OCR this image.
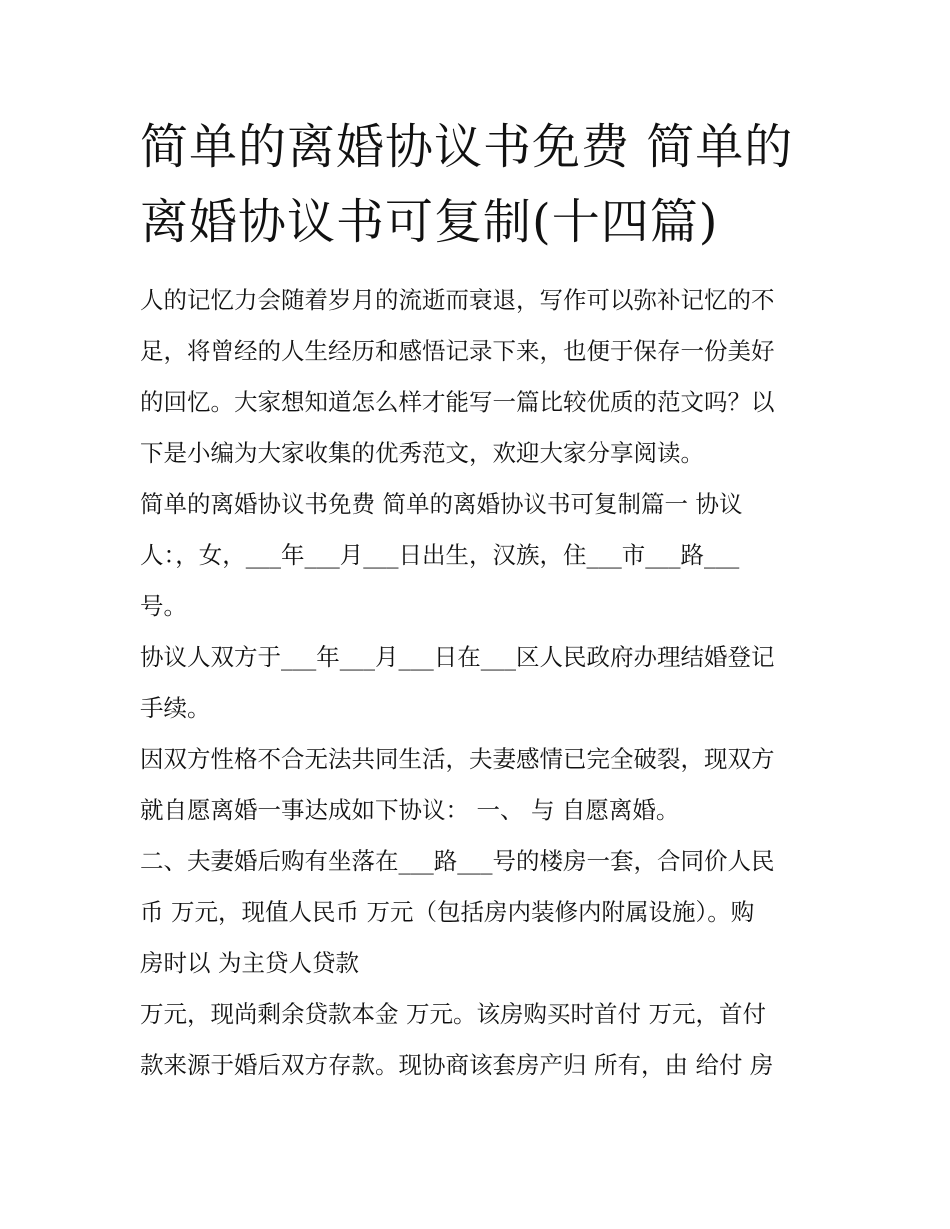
简单的离婚协议书免费 简单的
离婚协议书可复制(十四篇)
人的记忆力会随着岁月的流逝而衰退，写作可以弥补记忆的不
足，将曾经的人生经历和感悟记录下来，也便于保存一份美好
的回忆。大家想知道怎么样才能写一篇比较优质的范文吗？以
下是小编为大家收集的优秀范文，欢迎大家分享阅读。
简单的离婚协议书免费 简单的离婚协议书可复制篇一 协议
人：，女，___年___月___日出生，汉族，住___市___路___
号。
协议人双方于___年___月___日在___区人民政府办理结婚登记
手续。
因双方性格不合无法共同生活，夫妻感情已完全破裂，现双方
就自愿离婚一事达成如下协议： 一、 与 自愿离婚。
二、夫妻婚后购有坐落在___路___号的楼房一套，合同价人民
币 万元，现值人民币 万元（包括房内装修内附属设施）。购
房时以 为主贷人贷款
万元，现尚剩余贷款本金 万元。该房购买时首付 万元，首付
款来源于婚后双方存款。现协商该套房产归 所有，由 给付 房
